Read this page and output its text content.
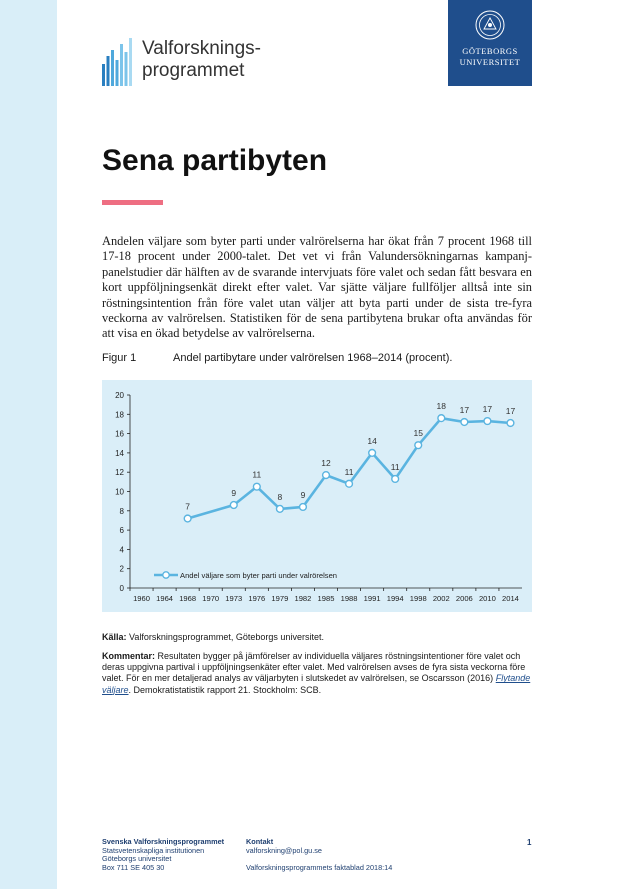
Valforsknings-
programmet
GÖTEBORGS
UNIVERSITET
Sena partibyten

Andelen väljare som byter parti under valrörelserna har ökat från 7 procent 1968 till 17-18 procent under 2000-talet. Det vet vi från Valundersökningarnas kampanj-panelstudier där hälften av de svarande intervjuats före valet och sedan fått besvara en kort uppföljningsenkät direkt efter valet. Var sjätte väljare fullföljer alltså inte sin röstningsintention från före valet utan väljer att byta parti under de sista tre-fyra veckorna av valrörelsen. Statistiken för de sena partibytena brukar ofta användas för att visa en ökad betydelse av valrörelserna.

Figur 1	Andel partibytare under valrörelsen 1968–2014 (procent).
0
2
4
6
8
10
12
14
16
18
20
1960 1964 1968 1970 1973 1976 1979 1982 1985 1988 1991 1994 1998 2002 2006 2010 2014
7
9
11
8 9
12
11
14
11
15
18 17 17 17
Andel väljare som byter parti under valrörelsen
Källa: Valforskningsprogrammet, Göteborgs universitet.

Kommentar: Resultaten bygger på jämförelser av individuella väljares röstningsintentioner före valet och deras uppgivna partival i uppföljningsenkäter efter valet. Med valrörelsen avses de fyra sista veckorna före valet. För en mer detaljerad analys av väljarbyten i slutskedet av valrörelsen, se Oscarsson (2016) Flytande väljare. Demokratistatistik rapport 21. Stockholm: SCB.

Svenska Valforskningsprogrammet
Statsvetenskapliga institutionen
Göteborgs universitet
Box 711 SE 405 30
Kontakt
valforskning@pol.gu.se
Valforskningsprogrammets faktablad 2018:14
1
